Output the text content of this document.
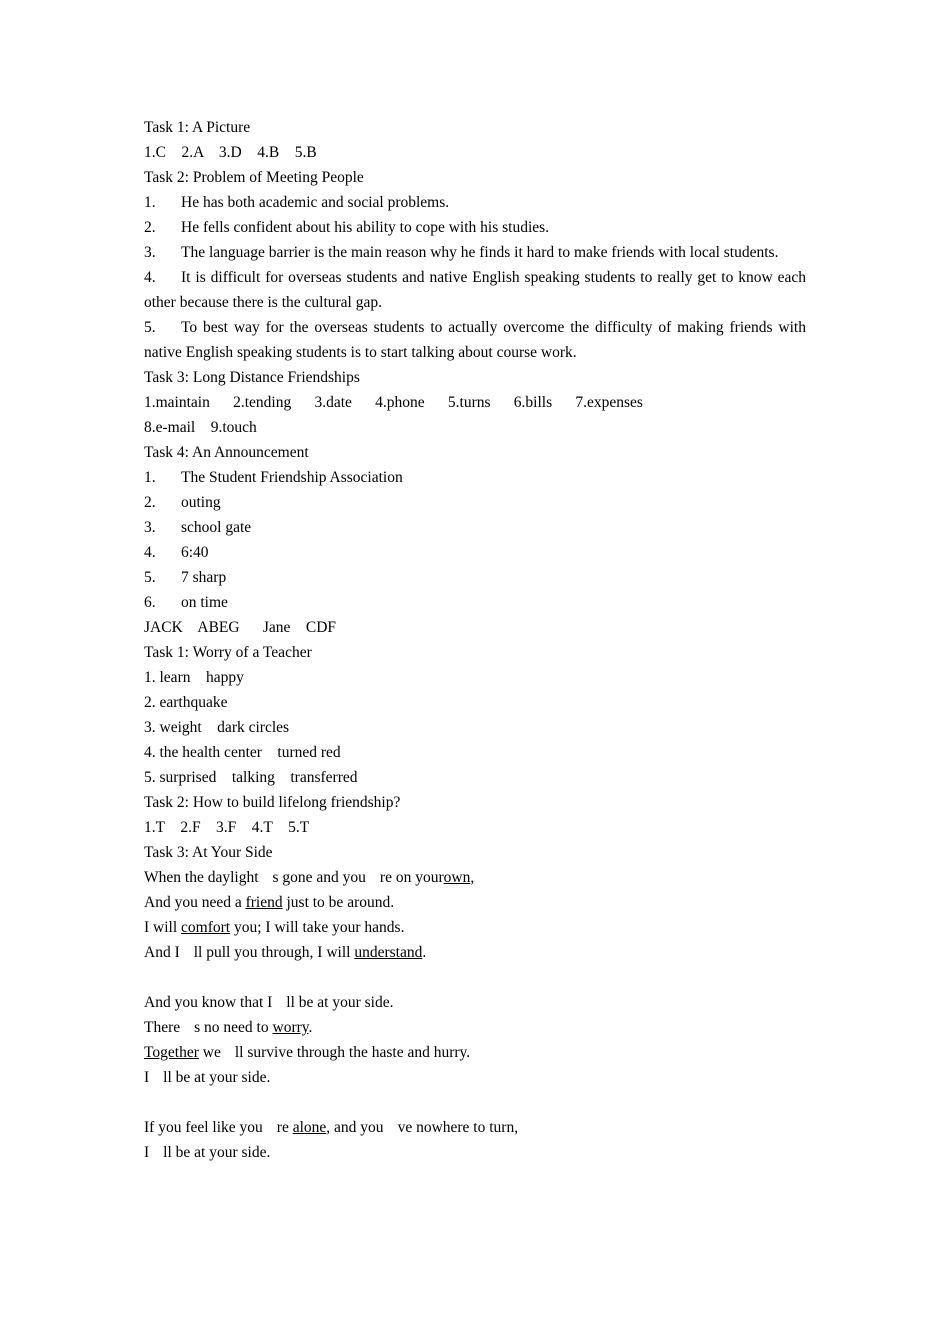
Task 1: A Picture
1.C    2.A    3.D    4.B    5.B
Task 2: Problem of Meeting People
1. He has both academic and social problems.
2. He fells confident about his ability to cope with his studies.
3. The language barrier is the main reason why he finds it hard to make friends with local students.
4. It is difficult for overseas students and native English speaking students to really get to know each other because there is the cultural gap.
5. To best way for the overseas students to actually overcome the difficulty of making friends with native English speaking students is to start talking about course work.
Task 3: Long Distance Friendships
1.maintain      2.tending      3.date      4.phone      5.turns      6.bills      7.expenses
8.e-mail    9.touch
Task 4: An Announcement
1. The Student Friendship Association
2. outing
3. school gate
4. 6:40
5. 7 sharp
6. on time
JACK    ABEG      Jane    CDF
Task 1: Worry of a Teacher
1. learn    happy
2. earthquake
3. weight    dark circles
4. the health center    turned red
5. surprised    talking    transferred
Task 2: How to build lifelong friendship?
1.T    2.F    3.F    4.T    5.T
Task 3: At Your Side
When the daylight s gone and you re on yourown,
And you need a friend just to be around.
I will comfort you; I will take your hands.
And I ll pull you through, I will understand.
And you know that I ll be at your side.
There s no need to worry.
Together we ll survive through the haste and hurry.
I ll be at your side.
If you feel like you re alone, and you ve nowhere to turn,
I ll be at your side.
